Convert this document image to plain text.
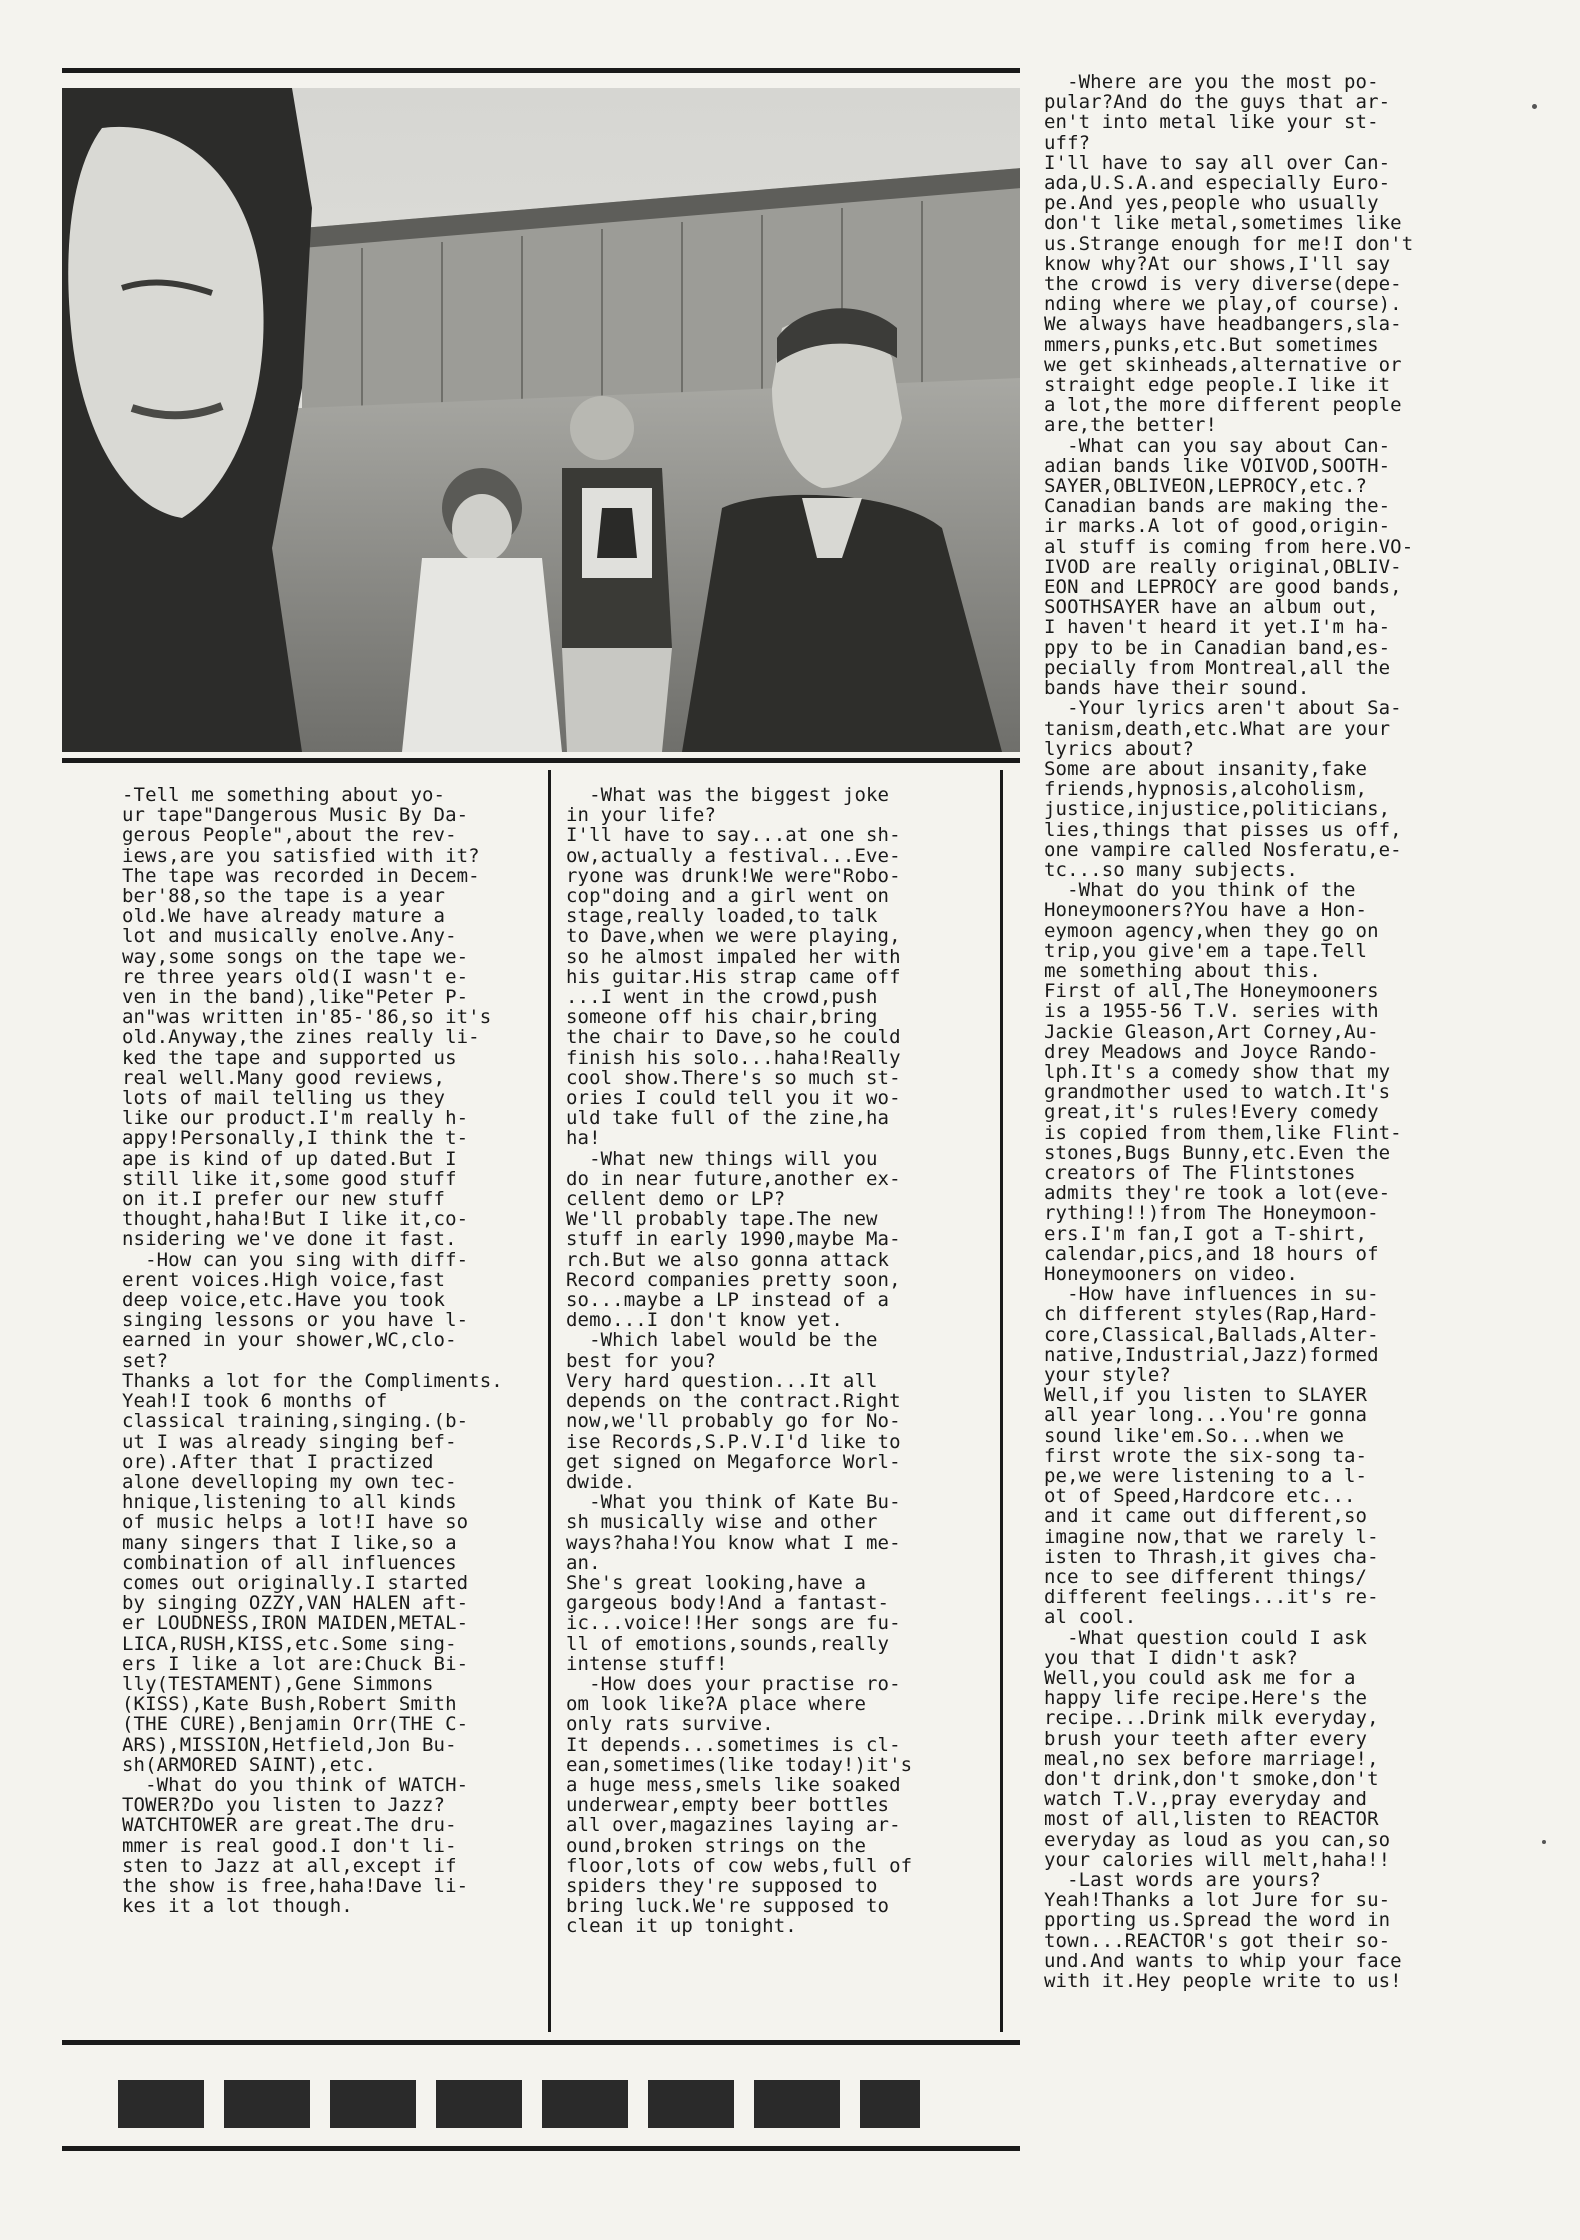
-Tell me something about yo-
ur tape"Dangerous Music By Da-
gerous People",about the rev-
iews,are you satisfied with it?
The tape was recorded in Decem-
ber'88,so the tape is a year
old.We have already mature a
lot and musically enolve.Any-
way,some songs on the tape we-
re three years old(I wasn't e-
ven in the band),like"Peter P-
an"was written in'85-'86,so it's
old.Anyway,the zines really li-
ked the tape and supported us
real well.Many good reviews,
lots of mail telling us they
like our product.I'm really h-
appy!Personally,I think the t-
ape is kind of up dated.But I
still like it,some good stuff
on it.I prefer our new stuff
thought,haha!But I like it,co-
nsidering we've done it fast.
-How can you sing with diff-
erent voices.High voice,fast
deep voice,etc.Have you took
singing lessons or you have l-
earned in your shower,WC,clo-
set?
Thanks a lot for the Compliments.
Yeah!I took 6 months of
classical training,singing.(b-
ut I was already singing bef-
ore).After that I practized
alone develloping my own tec-
hnique,listening to all kinds
of music helps a lot!I have so
many singers that I like,so a
combination of all influences
comes out originally.I started
by singing OZZY,VAN HALEN aft-
er LOUDNESS,IRON MAIDEN,METAL-
LICA,RUSH,KISS,etc.Some sing-
ers I like a lot are:Chuck Bi-
lly(TESTAMENT),Gene Simmons
(KISS),Kate Bush,Robert Smith
(THE CURE),Benjamin Orr(THE C-
ARS),MISSION,Hetfield,Jon Bu-
sh(ARMORED SAINT),etc.
-What do you think of WATCH-
TOWER?Do you listen to Jazz?
WATCHTOWER are great.The dru-
mmer is real good.I don't li-
sten to Jazz at all,except if
the show is free,haha!Dave li-
kes it a lot though.
-What was the biggest joke
in your life?
I'll have to say...at one sh-
ow,actually a festival...Eve-
ryone was drunk!We were"Robo-
cop"doing and a girl went on
stage,really loaded,to talk
to Dave,when we were playing,
so he almost impaled her with
his guitar.His strap came off
...I went in the crowd,push
someone off his chair,bring
the chair to Dave,so he could
finish his solo...haha!Really
cool show.There's so much st-
ories I could tell you it wo-
uld take full of the zine,ha
ha!
-What new things will you
do in near future,another ex-
cellent demo or LP?
We'll probably tape.The new
stuff in early 1990,maybe Ma-
rch.But we also gonna attack
Record companies pretty soon,
so...maybe a LP instead of a
demo...I don't know yet.
-Which label would be the
best for you?
Very hard question...It all
depends on the contract.Right
now,we'll probably go for No-
ise Records,S.P.V.I'd like to
get signed on Megaforce Worl-
dwide.
-What you think of Kate Bu-
sh musically wise and other
ways?haha!You know what I me-
an.
She's great looking,have a
gargeous body!And a fantast-
ic...voice!!Her songs are fu-
ll of emotions,sounds,really
intense stuff!
-How does your practise ro-
om look like?A place where
only rats survive.
It depends...sometimes is cl-
ean,sometimes(like today!)it's
a huge mess,smels like soaked
underwear,empty beer bottles
all over,magazines laying ar-
ound,broken strings on the
floor,lots of cow webs,full of
spiders they're supposed to
bring luck.We're supposed to
clean it up tonight.
-Where are you the most po-
pular?And do the guys that ar-
en't into metal like your st-
uff?
I'll have to say all over Can-
ada,U.S.A.and especially Euro-
pe.And yes,people who usually
don't like metal,sometimes like
us.Strange enough for me!I don't
know why?At our shows,I'll say
the crowd is very diverse(depe-
nding where we play,of course).
We always have headbangers,sla-
mmers,punks,etc.But sometimes
we get skinheads,alternative or
straight edge people.I like it
a lot,the more different people
are,the better!
-What can you say about Can-
adian bands like VOIVOD,SOOTH-
SAYER,OBLIVEON,LEPROCY,etc.?
Canadian bands are making the-
ir marks.A lot of good,origin-
al stuff is coming from here.VO-
IVOD are really original,OBLIV-
EON and LEPROCY are good bands,
SOOTHSAYER have an album out,
I haven't heard it yet.I'm ha-
ppy to be in Canadian band,es-
pecially from Montreal,all the
bands have their sound.
-Your lyrics aren't about Sa-
tanism,death,etc.What are your
lyrics about?
Some are about insanity,fake
friends,hypnosis,alcoholism,
justice,injustice,politicians,
lies,things that pisses us off,
one vampire called Nosferatu,e-
tc...so many subjects.
-What do you think of the
Honeymooners?You have a Hon-
eymoon agency,when they go on
trip,you give'em a tape.Tell
me something about this.
First of all,The Honeymooners
is a 1955-56 T.V. series with
Jackie Gleason,Art Corney,Au-
drey Meadows and Joyce Rando-
lph.It's a comedy show that my
grandmother used to watch.It's
great,it's rules!Every comedy
is copied from them,like Flint-
stones,Bugs Bunny,etc.Even the
creators of The Flintstones
admits they're took a lot(eve-
rything!!)from The Honeymoon-
ers.I'm fan,I got a T-shirt,
calendar,pics,and 18 hours of
Honeymooners on video.
-How have influences in su-
ch different styles(Rap,Hard-
core,Classical,Ballads,Alter-
native,Industrial,Jazz)formed
your style?
Well,if you listen to SLAYER
all year long...You're gonna
sound like'em.So...when we
first wrote the six-song ta-
pe,we were listening to a l-
ot of Speed,Hardcore etc...
and it came out different,so
imagine now,that we rarely l-
isten to Thrash,it gives cha-
nce to see different things/
different feelings...it's re-
al cool.
-What question could I ask
you that I didn't ask?
Well,you could ask me for a
happy life recipe.Here's the
recipe...Drink milk everyday,
brush your teeth after every
meal,no sex before marriage!,
don't drink,don't smoke,don't
watch T.V.,pray everyday and
most of all,listen to REACTOR
everyday as loud as you can,so
your calories will melt,haha!!
-Last words are yours?
Yeah!Thanks a lot Jure for su-
pporting us.Spread the word in
town...REACTOR's got their so-
und.And wants to whip your face
with it.Hey people write to us!
